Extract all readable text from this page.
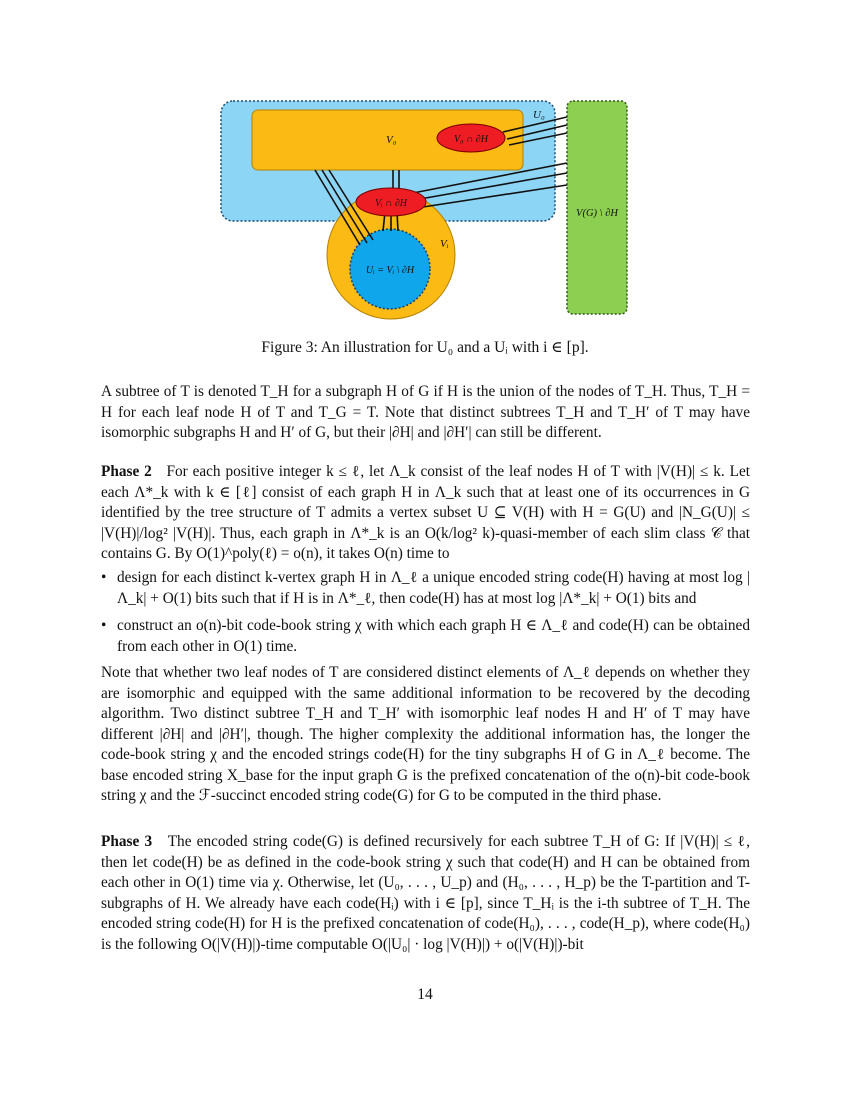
U₀
V₀	V₀ ∩ ∂H
Vᵢ ∩ ∂H
Vᵢ
Uᵢ = Vᵢ \ ∂H
V(G) \ ∂H
Figure 3: An illustration for U₀ and a Uᵢ with i ∈ [p].
A subtree of T is denoted T_H for a subgraph H of G if H is the union of the nodes of T_H. Thus, T_H = H for each leaf node H of T and T_G = T. Note that distinct subtrees T_H and T_H′ of T may have isomorphic subgraphs H and H′ of G, but their |∂H| and |∂H′| can still be different.
Phase 2 For each positive integer k ≤ ℓ, let Λ_k consist of the leaf nodes H of T with |V(H)| ≤ k. Let each Λ*_k with k ∈ [ℓ] consist of each graph H in Λ_k such that at least one of its occurrences in G identified by the tree structure of T admits a vertex subset U ⊆ V(H) with H = G(U) and |N_G(U)| ≤ |V(H)|/log² |V(H)|. Thus, each graph in Λ*_k is an O(k/log² k)-quasi-member of each slim class 𝒞 that contains G. By O(1)^poly(ℓ) = o(n), it takes O(n) time to
• design for each distinct k-vertex graph H in Λ_ℓ a unique encoded string code(H) having at most log |Λ_k| + O(1) bits such that if H is in Λ*_ℓ, then code(H) has at most log |Λ*_k| + O(1) bits and
• construct an o(n)-bit code-book string χ with which each graph H ∈ Λ_ℓ and code(H) can be obtained from each other in O(1) time.
Note that whether two leaf nodes of T are considered distinct elements of Λ_ℓ depends on whether they are isomorphic and equipped with the same additional information to be recovered by the decoding algorithm. Two distinct subtree T_H and T_H′ with isomorphic leaf nodes H and H′ of T may have different |∂H| and |∂H′|, though. The higher complexity the additional information has, the longer the code-book string χ and the encoded strings code(H) for the tiny subgraphs H of G in Λ_ℓ become. The base encoded string X_base for the input graph G is the prefixed concatenation of the o(n)-bit code-book string χ and the ℱ-succinct encoded string code(G) for G to be computed in the third phase.
Phase 3 The encoded string code(G) is defined recursively for each subtree T_H of G: If |V(H)| ≤ ℓ, then let code(H) be as defined in the code-book string χ such that code(H) and H can be obtained from each other in O(1) time via χ. Otherwise, let (U₀, . . . , U_p) and (H₀, . . . , H_p) be the T-partition and T-subgraphs of H. We already have each code(Hᵢ) with i ∈ [p], since T_Hᵢ is the i-th subtree of T_H. The encoded string code(H) for H is the prefixed concatenation of code(H₀), . . . , code(H_p), where code(H₀) is the following O(|V(H)|)-time computable O(|U₀| · log |V(H)|) + o(|V(H)|)-bit
14
